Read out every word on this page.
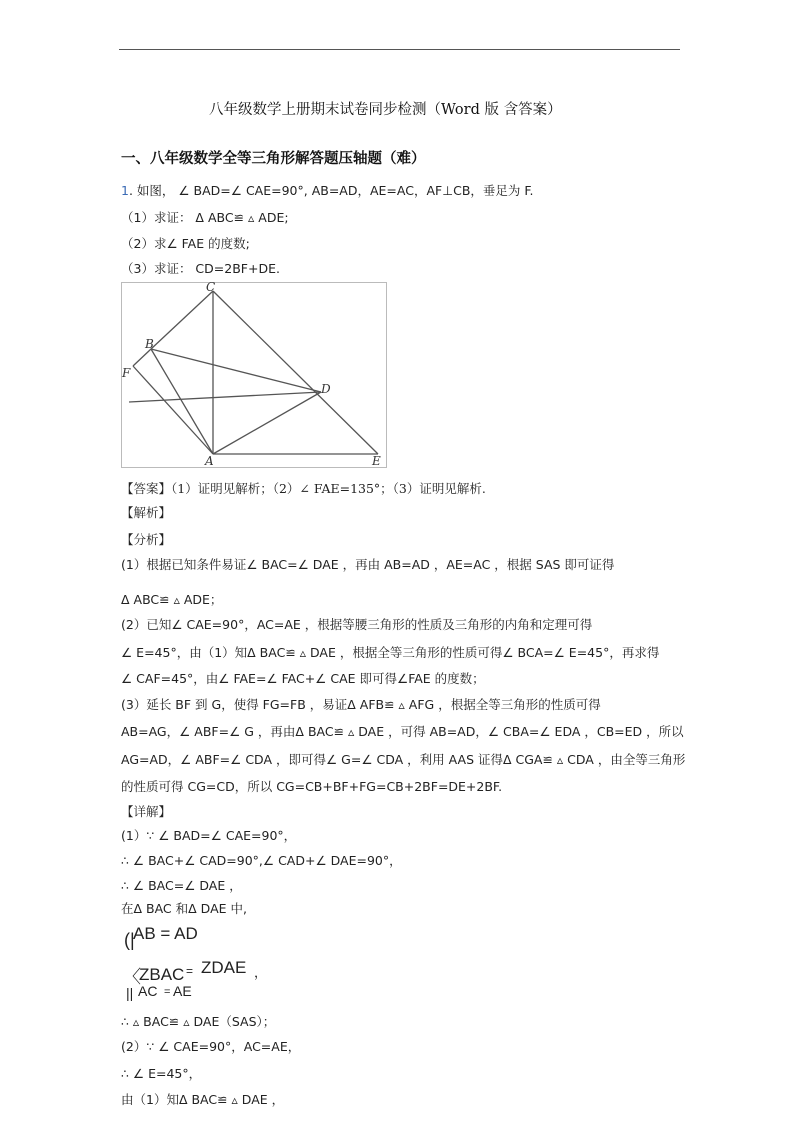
八年级数学上册期末试卷同步检测（Word 版 含答案）
一、八年级数学全等三角形解答题压轴题（难）
1. 如图， ∠ BAD=∠ CAE=90°, AB=AD，AE=AC，AF⊥CB，垂足为 F.
（1）求证： Δ ABC≌ ▵ ADE;
（2）求∠ FAE 的度数;
（3）求证： CD=2BF+DE.
C
B
F
D
A	E
【答案】（1）证明见解析；（2）∠ FAE=135°；（3）证明见解析.
【解析】
【分析】
(1）根据已知条件易证∠ BAC=∠ DAE ，再由 AB=AD ，AE=AC ，根据 SAS 即可证得
Δ ABC≌ ▵ ADE；
(2）已知∠ CAE=90°，AC=AE ，根据等腰三角形的性质及三角形的内角和定理可得
∠ E=45°，由（1）知Δ BAC≌ ▵ DAE ，根据全等三角形的性质可得∠ BCA=∠ E=45°，再求得
∠ CAF=45°，由∠ FAE=∠ FAC+∠ CAE 即可得∠FAE 的度数；
(3）延长 BF 到 G，使得 FG=FB ，易证Δ AFB≌ ▵ AFG ，根据全等三角形的性质可得
AB=AG，∠ ABF=∠ G ，再由Δ BAC≌ ▵ DAE ，可得 AB=AD，∠ CBA=∠ EDA ，CB=ED ，所以
AG=AD，∠ ABF=∠ CDA ，即可得∠ G=∠ CDA ，利用 AAS 证得Δ CGA≌ ▵ CDA ，由全等三角形
的性质可得 CG=CD，所以 CG=CB+BF+FG=CB+2BF=DE+2BF.
【详解】
(1）∵ ∠ BAD=∠ CAE=90°，
∴ ∠ BAC+∠ CAD=90°,∠ CAD+∠ DAE=90°，
∴ ∠ BAC=∠ DAE ，
在Δ BAC 和Δ DAE 中,
(|
AB = AD
〈
ZBAC = ZDAE ，
|| AC = AE
∴ ▵ BAC≌ ▵ DAE（SAS）；
(2）∵ ∠ CAE=90°，AC=AE，
∴ ∠ E=45°，
由（1）知Δ BAC≌ ▵ DAE ，
